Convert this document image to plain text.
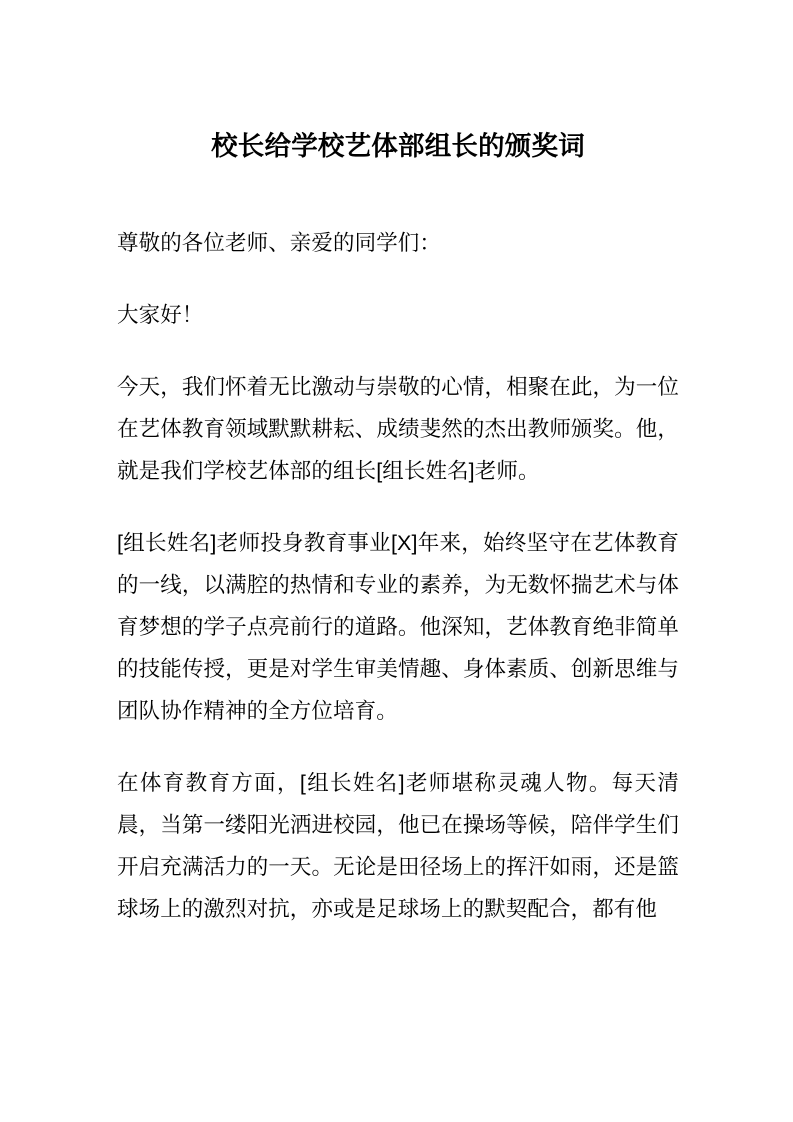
校长给学校艺体部组长的颁奖词

尊敬的各位老师、亲爱的同学们：

大家好！

今天，我们怀着无比激动与崇敬的心情，相聚在此，为一位在艺体教育领域默默耕耘、成绩斐然的杰出教师颁奖。他，就是我们学校艺体部的组长[组长姓名]老师。

[组长姓名]老师投身教育事业[X]年来，始终坚守在艺体教育的一线，以满腔的热情和专业的素养，为无数怀揣艺术与体育梦想的学子点亮前行的道路。他深知，艺体教育绝非简单的技能传授，更是对学生审美情趣、身体素质、创新思维与团队协作精神的全方位培育。

在体育教育方面，[组长姓名]老师堪称灵魂人物。每天清晨，当第一缕阳光洒进校园，他已在操场等候，陪伴学生们开启充满活力的一天。无论是田径场上的挥汗如雨，还是篮球场上的激烈对抗，亦或是足球场上的默契配合，都有他
